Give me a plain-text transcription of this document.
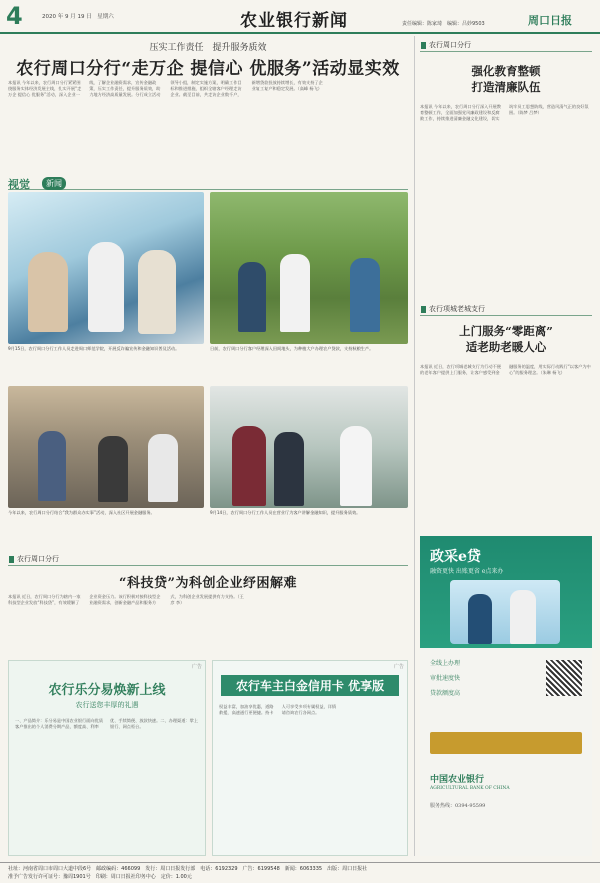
4	2020 年 9 月 19 日　星期六	农业银行新闻	责任编辑：陈家琦　编辑：吕妙9503	周口日报
压实工作责任　提升服务质效
农行周口分行“走万企 提信心 优服务”活动显实效
本报讯 今年以来，农行周口分行紧紧围绕服务实体经济发展主线，扎实开展“走万企 提信心 优服务”活动，深入企业一线，了解企业融资需求，宣传金融政策，压实工作责任，提升服务质效，助力地方经济高质量发展。分行成立活动领导小组，制定实施方案，明确工作目标和推进措施，组织全辖客户经理走访企业。截至目前，共走访企业数千户，新增贷款投放持续增长，有效支持了企业复工复产和稳定发展。（高峰 杨飞）
视觉	新闻
9月15日，农行周口分行工作人员走进周口师范学院，开展反诈骗宣传和金融知识普及活动。	日前，农行周口分行客户经理深入田间地头，为种植大户办理农户贷款，支持秋粮生产。
今年以来，农行周口分行结合“我为群众办实事”活动，深入社区开展金融服务。	9月14日，农行周口分行工作人员在营业厅为客户讲解金融知识，提升服务质效。
农行周口分行
“科技贷”为科创企业纾困解难
本报讯 近日，农行周口分行为辖内一家科技型企业发放“科技贷”，有效缓解了企业资金压力。该行积极对接科技型企业融资需求，创新金融产品和服务方式，为科创企业发展提供有力支持。（王彦 李）
广告
农行乐分易焕新上线
农行送您丰厚的礼遇
一、产品简介：乐分易是中国农业银行面向优质客户推出的个人消费分期产品，额度高、利率优、手续简便、放款快速。二、办理渠道：掌上银行、网点柜台。
广告
农行车主白金信用卡 优享版
权益丰富，加油享优惠，道路救援，高速通行更便捷。持卡人可享受多项专属权益，详情请咨询农行各网点。
农行周口分行
强化教育整顿
打造清廉队伍
本报讯 今年以来，农行周口分行深入开展教育整顿工作，全面加强党风廉政建设和反腐败工作，持续推进清廉金融文化建设，切实筑牢员工思想防线，营造风清气正的良好氛围。（陈梦 吕梦）
农行项城老城支行
上门服务“零距离”
适老助老暖人心
本报讯 近日，农行项城老城支行为行动不便的老年客户提供上门服务，让客户感受到金融服务的温度，用实际行动践行“以客户为中心”的服务理念。（朱琳 杨飞）
政采e贷
融资更快 出账更省 e点来办
全线上办理
审批速度快
贷款额度高
中国农业银行
AGRICULTURAL BANK OF CHINA
服务热线：0394-95599
社址：河南省周口市周口大道中段6号　邮政编码：466099　发行：周口日报发行部　电话：6192329　广告：6199548　新闻：6063335　出版：周口日报社
准予广告发行许可证号：豫周1901号　印刷：周口日报社印务中心　定价：1.00元
